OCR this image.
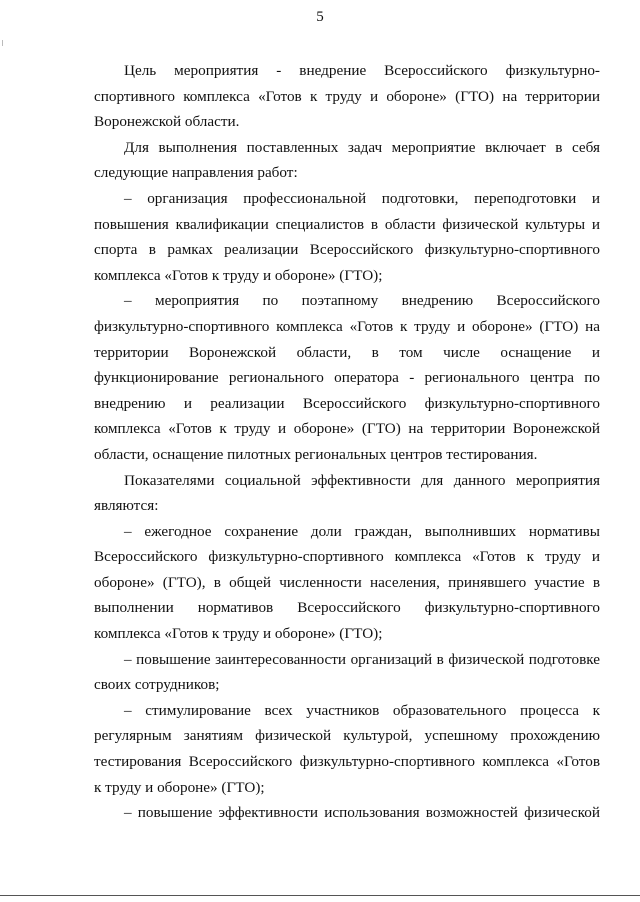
5

Цель мероприятия - внедрение Всероссийского физкультурно-
спортивного комплекса «Готов к труду и обороне» (ГТО) на территории
Воронежской области.

Для выполнения поставленных задач мероприятие включает в себя
следующие направления работ:

– организация профессиональной подготовки, переподготовки и
повышения квалификации специалистов в области физической культуры и
спорта в рамках реализации Всероссийского физкультурно-спортивного
комплекса «Готов к труду и обороне» (ГТО);

– мероприятия по поэтапному внедрению Всероссийского
физкультурно-спортивного комплекса «Готов к труду и обороне» (ГТО) на
территории Воронежской области, в том числе оснащение и
функционирование регионального оператора - регионального центра по
внедрению и реализации Всероссийского физкультурно-спортивного
комплекса «Готов к труду и обороне» (ГТО) на территории Воронежской
области, оснащение пилотных региональных центров тестирования.

Показателями социальной эффективности для данного мероприятия
являются:

– ежегодное сохранение доли граждан, выполнивших нормативы
Всероссийского физкультурно-спортивного комплекса «Готов к труду и
обороне» (ГТО), в общей численности населения, принявшего участие в
выполнении нормативов Всероссийского физкультурно-спортивного
комплекса «Готов к труду и обороне» (ГТО);

– повышение заинтересованности организаций в физической подготовке
своих сотрудников;

– стимулирование всех участников образовательного процесса к
регулярным занятиям физической культурой, успешному прохождению
тестирования Всероссийского физкультурно-спортивного комплекса «Готов
к труду и обороне» (ГТО);

– повышение эффективности использования возможностей физической
